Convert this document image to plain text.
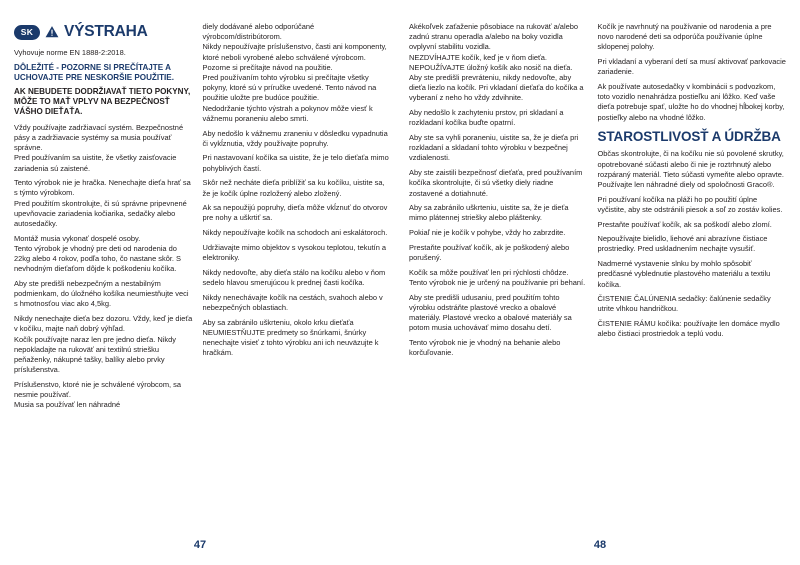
SK	VÝSTRAHA

Vyhovuje norme EN 1888-2:2018.

DÔLEŽITÉ - POZORNE SI PREČÍTAJTE A UCHOVAJTE PRE NESKORŠIE POUŽITIE.

AK NEBUDETE DODRŽIAVAŤ TIETO POKYNY, MÔŽE TO MAŤ VPLYV NA BEZPEČNOSŤ VÁŠHO DIEŤAŤA.

Vždy používajte zadržiavací systém. Bezpečnostné pásy a zadržiavacie systémy sa musia používať správne.

Pred používaním sa uistite, že všetky zaisťovacie zariadenia sú zaistené.

Tento výrobok nie je hračka. Nenechajte dieťa hrať sa s týmto výrobkom.

Pred použitím skontrolujte, či sú správne pripevnené upevňovacie zariadenia kočiarika, sedačky alebo autosedačky.

Montáž musia vykonať dospelé osoby.

Tento výrobok je vhodný pre deti od narodenia do 22kg alebo 4 rokov, podľa toho, čo nastane skôr. S nevhodným dieťaťom dôjde k poškodeniu kočíka.

Aby ste predišli nebezpečným a nestabilným podmienkam, do úložného košíka neumiestňujte veci s hmotnosťou viac ako 4,5kg.

Nikdy nenechajte dieťa bez dozoru. Vždy, keď je dieťa v kočíku, majte naň dobrý výhľad.

Kočík používajte naraz len pre jedno dieťa. Nikdy nepokladajte na rukoväť ani textilnú striešku peňaženky, nákupné tašky, balíky alebo prvky príslušenstva.

Príslušenstvo, ktoré nie je schválené výrobcom, sa nesmie používať.

Musia sa používať len náhradné

diely dodávané alebo odporúčané výrobcom/distribútorom.

Nikdy nepoužívajte príslušenstvo, časti ani komponenty, ktoré neboli vyrobené alebo schválené výrobcom.

Pozorne si prečítajte návod na použitie.

Pred používaním tohto výrobku si prečítajte všetky pokyny, ktoré sú v príručke uvedené. Tento návod na použitie uložte pre budúce použitie.

Nedodržanie týchto výstrah a pokynov môže viesť k vážnemu poraneniu alebo smrti.

Aby nedošlo k vážnemu zraneniu v dôsledku vypadnutia či vykĺznutia, vždy používajte popruhy.

Pri nastavovaní kočíka sa uistite, že je telo dieťaťa mimo pohyblivých častí.

Skôr než necháte dieťa priblížiť sa ku kočíku, uistite sa, že je kočík úplne rozložený alebo zložený.

Ak sa nepoužijú popruhy, dieťa môže vkĺznuť do otvorov pre nohy a uškrtiť sa.

Nikdy nepoužívajte kočík na schodoch ani eskalátoroch.

Udržiavajte mimo objektov s vysokou teplotou, tekutín a elektroniky.

Nikdy nedovoľte, aby dieťa stálo na kočíku alebo v ňom sedelo hlavou smerujúcou k prednej časti kočíka.

Nikdy nenechávajte kočík na cestách, svahoch alebo v nebezpečných oblastiach.

Aby sa zabránilo uškrteniu, okolo krku dieťaťa NEUMIESTŇUJTE predmety so šnúrkami, šnúrky nenechajte visieť z tohto výrobku ani ich neuväzujte k hračkám.

Akékoľvek zaťaženie pôsobiace na rukoväť a/alebo zadnú stranu operadla a/alebo na boky vozidla ovplyvní stabilitu vozidla.

NEZDVÍHAJTE kočík, keď je v ňom dieťa.

NEPOUŽÍVAJTE úložný košík ako nosič na dieťa.

Aby ste predišli prevráteniu, nikdy nedovoľte, aby dieťa liezlo na kočík. Pri vkladaní dieťaťa do kočíka a vyberaní z neho ho vždy zdvihnite.

Aby nedošlo k zachyteniu prstov, pri skladaní a rozkladaní kočíka buďte opatrní.

Aby ste sa vyhli poraneniu, uistite sa, že je dieťa pri rozkladaní a skladaní tohto výrobku v bezpečnej vzdialenosti.

Aby ste zaistili bezpečnosť dieťaťa, pred používaním kočíka skontrolujte, či sú všetky diely riadne zostavené a dotiahnuté.

Aby sa zabránilo uškrteniu, uistite sa, že je dieťa mimo plátennej striešky alebo pláštenky.

Pokiaľ nie je kočík v pohybe, vždy ho zabrzdite.

Prestaňte používať kočík, ak je poškodený alebo porušený.

Kočík sa môže používať len pri rýchlosti chôdze. Tento výrobok nie je určený na používanie pri behaní.

Aby ste predišli udusaniu, pred použitím tohto výrobku odstráňte plastové vrecko a obalové materiály. Plastové vrecko a obalové materiály sa potom musia uchovávať mimo dosahu detí.

Tento výrobok nie je vhodný na behanie alebo korčuľovanie.

Kočík je navrhnutý na používanie od narodenia a pre novo narodené deti sa odporúča používanie úplne sklopenej polohy.

Pri vkladaní a vyberaní detí sa musí aktivovať parkovacie zariadenie.

Ak používate autosedačky v kombinácii s podvozkom, toto vozidlo nenahrádza postieľku ani lôžko. Keď vaše dieťa potrebuje spať, uložte ho do vhodnej hĺbokej korby, postieľky alebo na vhodné lôžko.

STAROSTLIVOSŤ A ÚDRŽBA

Občas skontrolujte, či na kočíku nie sú povolené skrutky, opotrebované súčasti alebo či nie je roztrhnutý alebo rozpáraný materiál. Tieto súčasti vymeňte alebo opravte. Používajte len náhradné diely od spoločnosti Graco®.

Pri používaní kočíka na pláži ho po použití úplne vyčistite, aby ste odstránili piesok a soľ zo zostáv kolies.

Prestaňte používať kočík, ak sa poškodí alebo zlomí.

Nepoužívajte bielidlo, liehové ani abrazívne čistiace prostriedky. Pred uskladnením nechajte vysušiť.

Nadmerné vystavenie slnku by mohlo spôsobiť predčasné vyblednutie plastového materiálu a textilu kočíka.

ČISTENIE ČALÚNENIA sedačky: čalúnenie sedačky utrite vlhkou handričkou.

ČISTENIE RÁMU kočíka: používajte len domáce mydlo alebo čistiaci prostriedok a teplú vodu.

47	48
